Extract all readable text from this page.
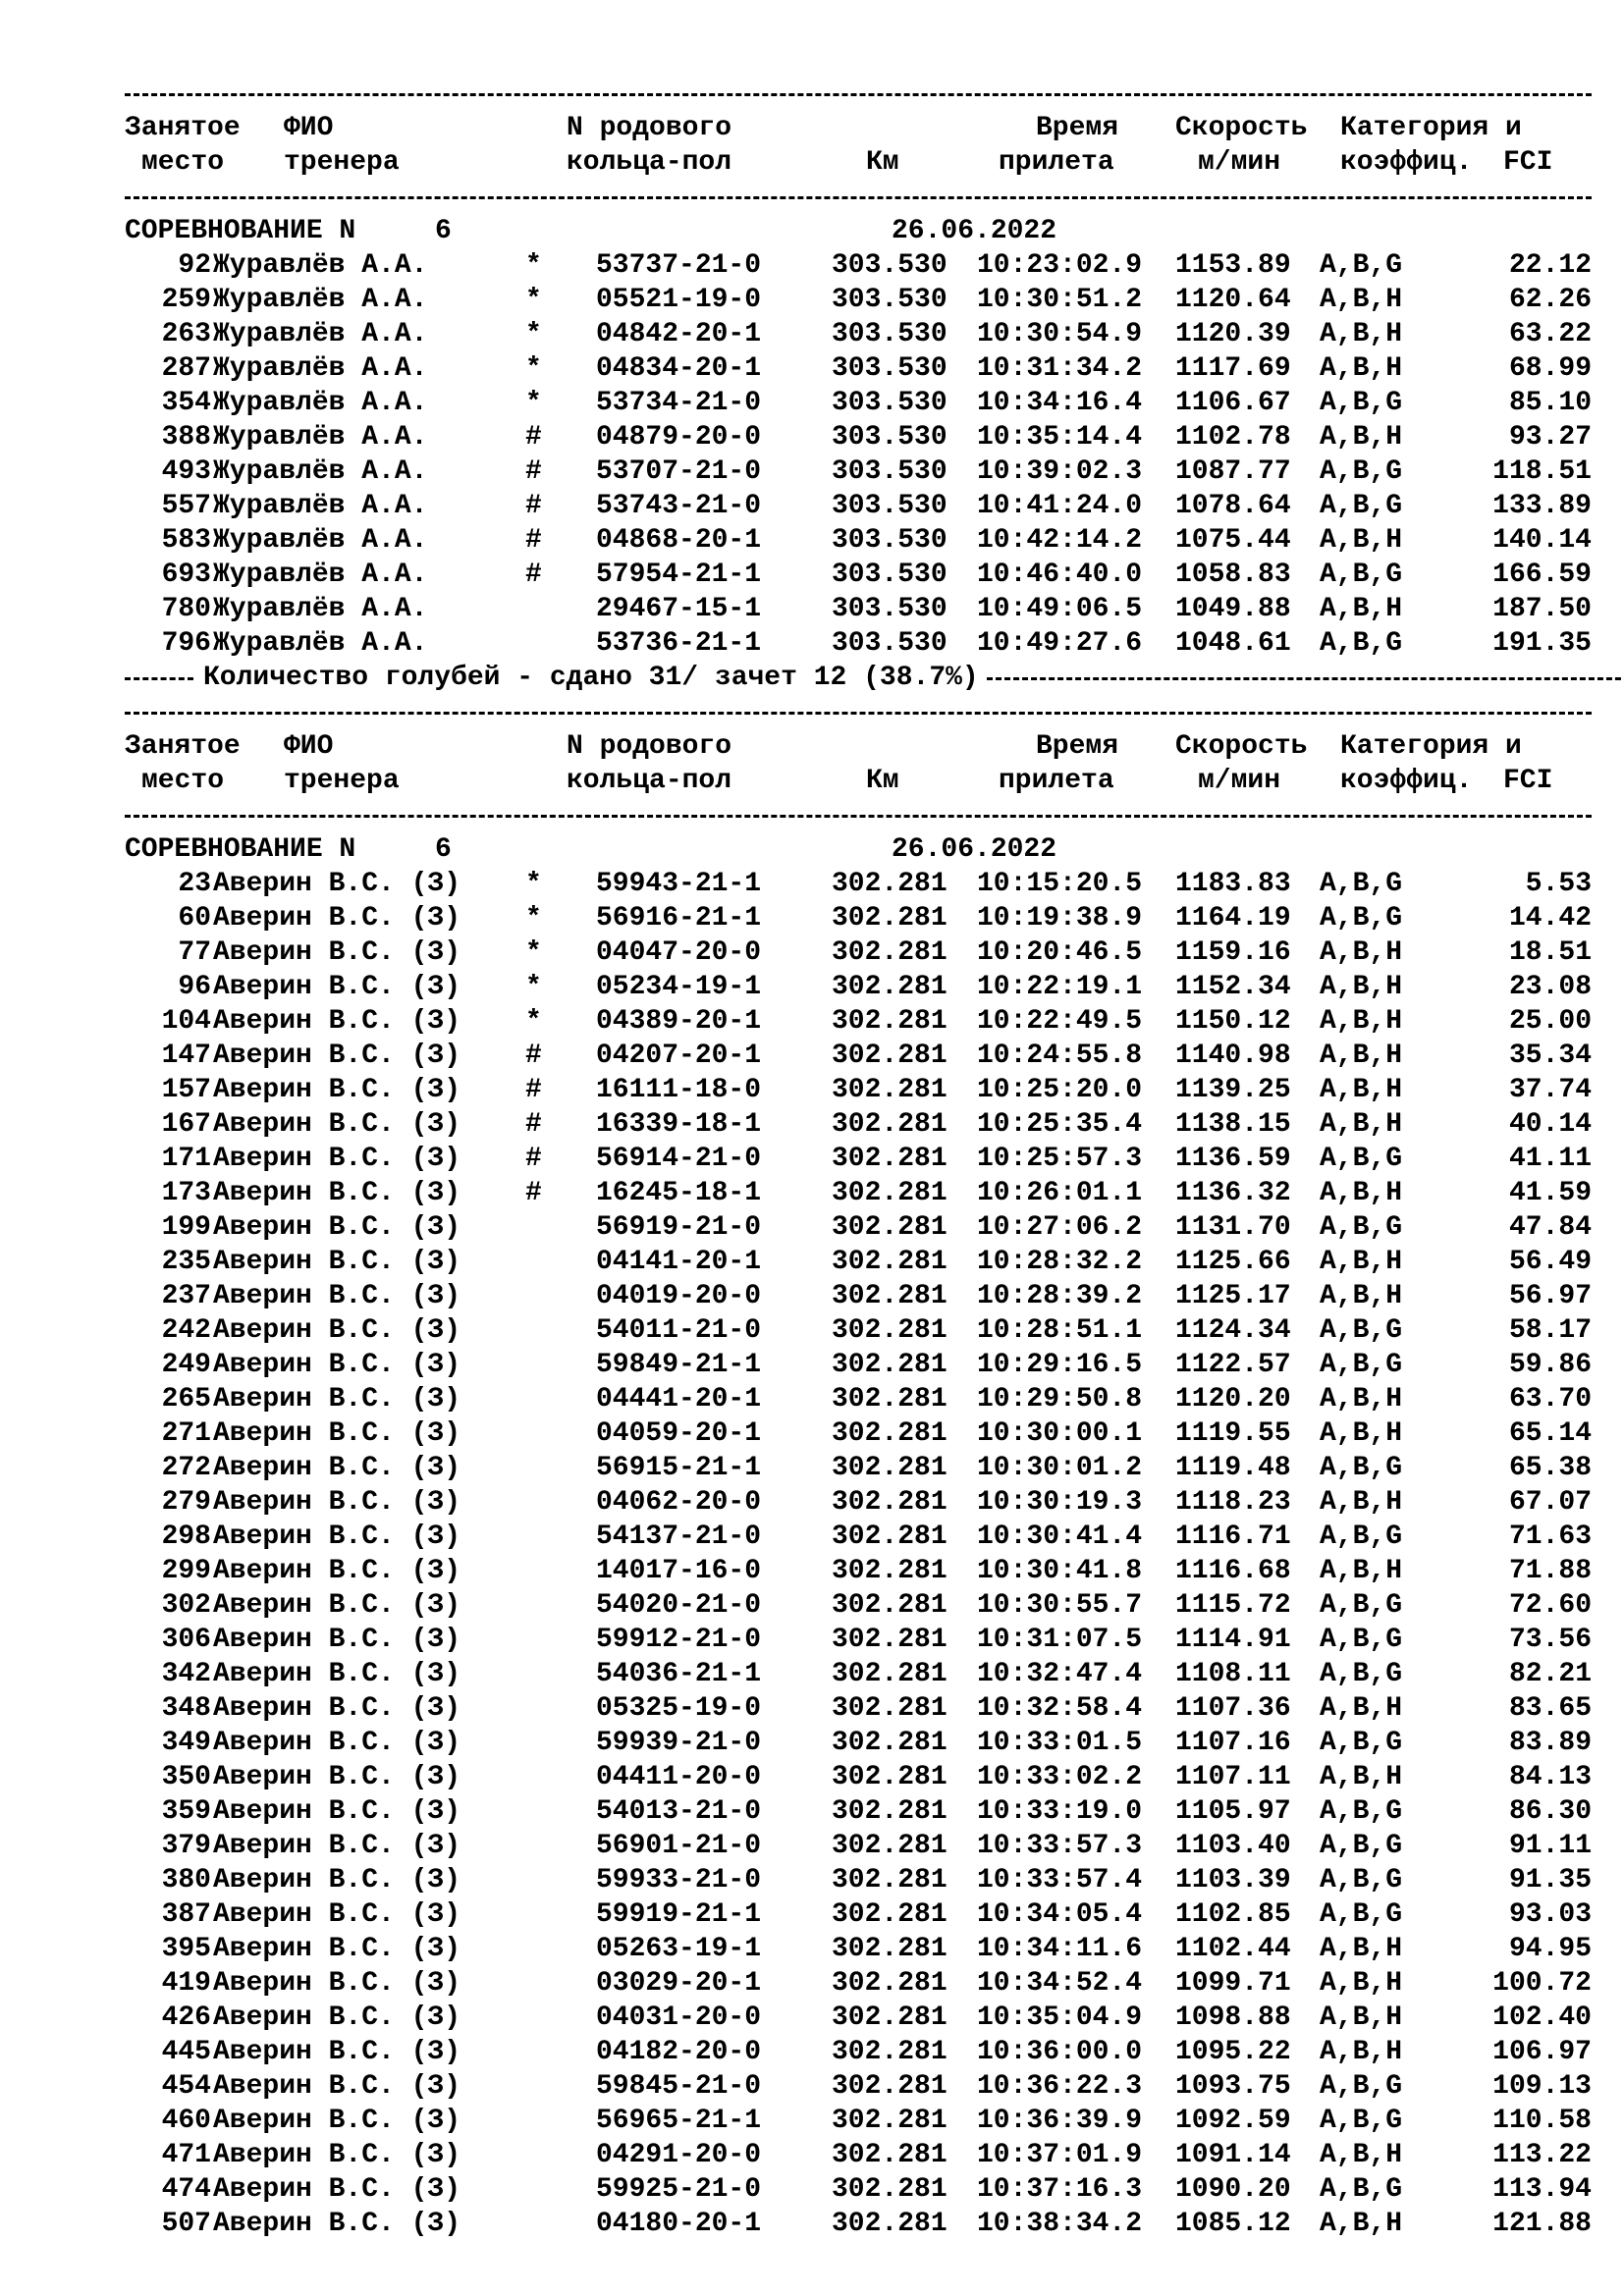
Занятое ФИО	N родового	Время Скорость Категория и
место тренера	кольца-пол	Км	прилета	м/мин коэффиц. FCI
СОРЕВНОВАНИЕ N	6	26.06.2022
92 Журавлёв А.А.	* 53737-21-0	303.530 10:23:02.9 1153.89 A,B,G	22.12
259 Журавлёв А.А.	* 05521-19-0	303.530 10:30:51.2 1120.64 A,B,H	62.26
263 Журавлёв А.А.	* 04842-20-1	303.530 10:30:54.9 1120.39 A,B,H	63.22
287 Журавлёв А.А.	* 04834-20-1	303.530 10:31:34.2 1117.69 A,B,H	68.99
354 Журавлёв А.А.	* 53734-21-0	303.530 10:34:16.4 1106.67 A,B,G	85.10
388 Журавлёв А.А.	# 04879-20-0	303.530 10:35:14.4 1102.78 A,B,H	93.27
493 Журавлёв А.А.	# 53707-21-0	303.530 10:39:02.3 1087.77 A,B,G	118.51
557 Журавлёв А.А.	# 53743-21-0	303.530 10:41:24.0 1078.64 A,B,G	133.89
583 Журавлёв А.А.	# 04868-20-1	303.530 10:42:14.2 1075.44 A,B,H	140.14
693 Журавлёв А.А.	# 57954-21-1	303.530 10:46:40.0 1058.83 A,B,G	166.59
780 Журавлёв А.А.	29467-15-1	303.530 10:49:06.5 1049.88 A,B,H	187.50
796 Журавлёв А.А.	53736-21-1	303.530 10:49:27.6 1048.61 A,B,G	191.35
Количество голубей - сдано 31/ зачет 12 (38.7%)
Занятое ФИО	N родового	Время Скорость Категория и
место тренера	кольца-пол	Км	прилета	м/мин коэффиц. FCI
СОРЕВНОВАНИЕ N	6	26.06.2022
23 Аверин В.С. (З) * 59943-21-1	302.281 10:15:20.5 1183.83 A,B,G	5.53
60 Аверин В.С. (З) * 56916-21-1	302.281 10:19:38.9 1164.19 A,B,G	14.42
77 Аверин В.С. (З) * 04047-20-0	302.281 10:20:46.5 1159.16 A,B,H	18.51
96 Аверин В.С. (З) * 05234-19-1	302.281 10:22:19.1 1152.34 A,B,H	23.08
104 Аверин В.С. (З) * 04389-20-1	302.281 10:22:49.5 1150.12 A,B,H	25.00
147 Аверин В.С. (З) # 04207-20-1	302.281 10:24:55.8 1140.98 A,B,H	35.34
157 Аверин В.С. (З) # 16111-18-0	302.281 10:25:20.0 1139.25 A,B,H	37.74
167 Аверин В.С. (З) # 16339-18-1	302.281 10:25:35.4 1138.15 A,B,H	40.14
171 Аверин В.С. (З) # 56914-21-0	302.281 10:25:57.3 1136.59 A,B,G	41.11
173 Аверин В.С. (З) # 16245-18-1	302.281 10:26:01.1 1136.32 A,B,H	41.59
199 Аверин В.С. (З)	56919-21-0	302.281 10:27:06.2 1131.70 A,B,G	47.84
235 Аверин В.С. (З)	04141-20-1	302.281 10:28:32.2 1125.66 A,B,H	56.49
237 Аверин В.С. (З)	04019-20-0	302.281 10:28:39.2 1125.17 A,B,H	56.97
242 Аверин В.С. (З)	54011-21-0	302.281 10:28:51.1 1124.34 A,B,G	58.17
249 Аверин В.С. (З)	59849-21-1	302.281 10:29:16.5 1122.57 A,B,G	59.86
265 Аверин В.С. (З)	04441-20-1	302.281 10:29:50.8 1120.20 A,B,H	63.70
271 Аверин В.С. (З)	04059-20-1	302.281 10:30:00.1 1119.55 A,B,H	65.14
272 Аверин В.С. (З)	56915-21-1	302.281 10:30:01.2 1119.48 A,B,G	65.38
279 Аверин В.С. (З)	04062-20-0	302.281 10:30:19.3 1118.23 A,B,H	67.07
298 Аверин В.С. (З)	54137-21-0	302.281 10:30:41.4 1116.71 A,B,G	71.63
299 Аверин В.С. (З)	14017-16-0	302.281 10:30:41.8 1116.68 A,B,H	71.88
302 Аверин В.С. (З)	54020-21-0	302.281 10:30:55.7 1115.72 A,B,G	72.60
306 Аверин В.С. (З)	59912-21-0	302.281 10:31:07.5 1114.91 A,B,G	73.56
342 Аверин В.С. (З)	54036-21-1	302.281 10:32:47.4 1108.11 A,B,G	82.21
348 Аверин В.С. (З)	05325-19-0	302.281 10:32:58.4 1107.36 A,B,H	83.65
349 Аверин В.С. (З)	59939-21-0	302.281 10:33:01.5 1107.16 A,B,G	83.89
350 Аверин В.С. (З)	04411-20-0	302.281 10:33:02.2 1107.11 A,B,H	84.13
359 Аверин В.С. (З)	54013-21-0	302.281 10:33:19.0 1105.97 A,B,G	86.30
379 Аверин В.С. (З)	56901-21-0	302.281 10:33:57.3 1103.40 A,B,G	91.11
380 Аверин В.С. (З)	59933-21-0	302.281 10:33:57.4 1103.39 A,B,G	91.35
387 Аверин В.С. (З)	59919-21-1	302.281 10:34:05.4 1102.85 A,B,G	93.03
395 Аверин В.С. (З)	05263-19-1	302.281 10:34:11.6 1102.44 A,B,H	94.95
419 Аверин В.С. (З)	03029-20-1	302.281 10:34:52.4 1099.71 A,B,H	100.72
426 Аверин В.С. (З)	04031-20-0	302.281 10:35:04.9 1098.88 A,B,H	102.40
445 Аверин В.С. (З)	04182-20-0	302.281 10:36:00.0 1095.22 A,B,H	106.97
454 Аверин В.С. (З)	59845-21-0	302.281 10:36:22.3 1093.75 A,B,G	109.13
460 Аверин В.С. (З)	56965-21-1	302.281 10:36:39.9 1092.59 A,B,G	110.58
471 Аверин В.С. (З)	04291-20-0	302.281 10:37:01.9 1091.14 A,B,H	113.22
474 Аверин В.С. (З)	59925-21-0	302.281 10:37:16.3 1090.20 A,B,G	113.94
507 Аверин В.С. (З)	04180-20-1	302.281 10:38:34.2 1085.12 A,B,H	121.88
